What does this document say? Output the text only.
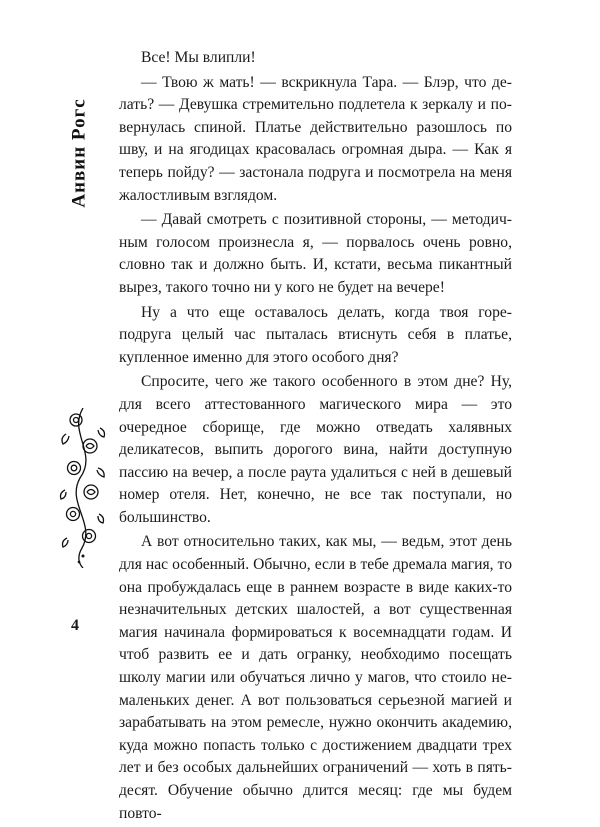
Анвин Рогс
4

Все! Мы влипли!

— Твою ж мать! — вскрикнула Тара. — Блэр, что делать? — Девушка стремительно подлетела к зеркалу и повернулась спиной. Платье действительно разошлось по шву, и на ягодицах красовалась огромная дыра. — Как я теперь пойду? — застонала подруга и посмотрела на меня жалостливым взглядом.

— Давай смотреть с позитивной стороны, — методичным голосом произнесла я, — порвалось очень ровно, словно так и должно быть. И, кстати, весьма пикантный вырез, такого точно ни у кого не будет на вечере!

Ну а что еще оставалось делать, когда твоя горе-подруга целый час пыталась втиснуть себя в платье, купленное именно для этого особого дня?

Спросите, чего же такого особенного в этом дне? Ну, для всего аттестованного магического мира — это очередное сборище, где можно отведать халявных деликатесов, выпить дорогого вина, найти доступную пассию на вечер, а после раута удалиться с ней в дешевый номер отеля. Нет, конечно, не все так поступали, но большинство.

А вот относительно таких, как мы, — ведьм, этот день для нас особенный. Обычно, если в тебе дремала магия, то она пробуждалась еще в раннем возрасте в виде каких-то незначительных детских шалостей, а вот существенная магия начинала формироваться к восемнадцати годам. И чтоб развить ее и дать огранку, необходимо посещать школу магии или обучаться лично у магов, что стоило немаленьких денег. А вот пользоваться серьезной магией и зарабатывать на этом ремесле, нужно окончить академию, куда можно попасть только с достижением двадцати трех лет и без особых дальнейших ограничений — хоть в пятьдесят. Обучение обычно длится месяц: где мы будем повто-
